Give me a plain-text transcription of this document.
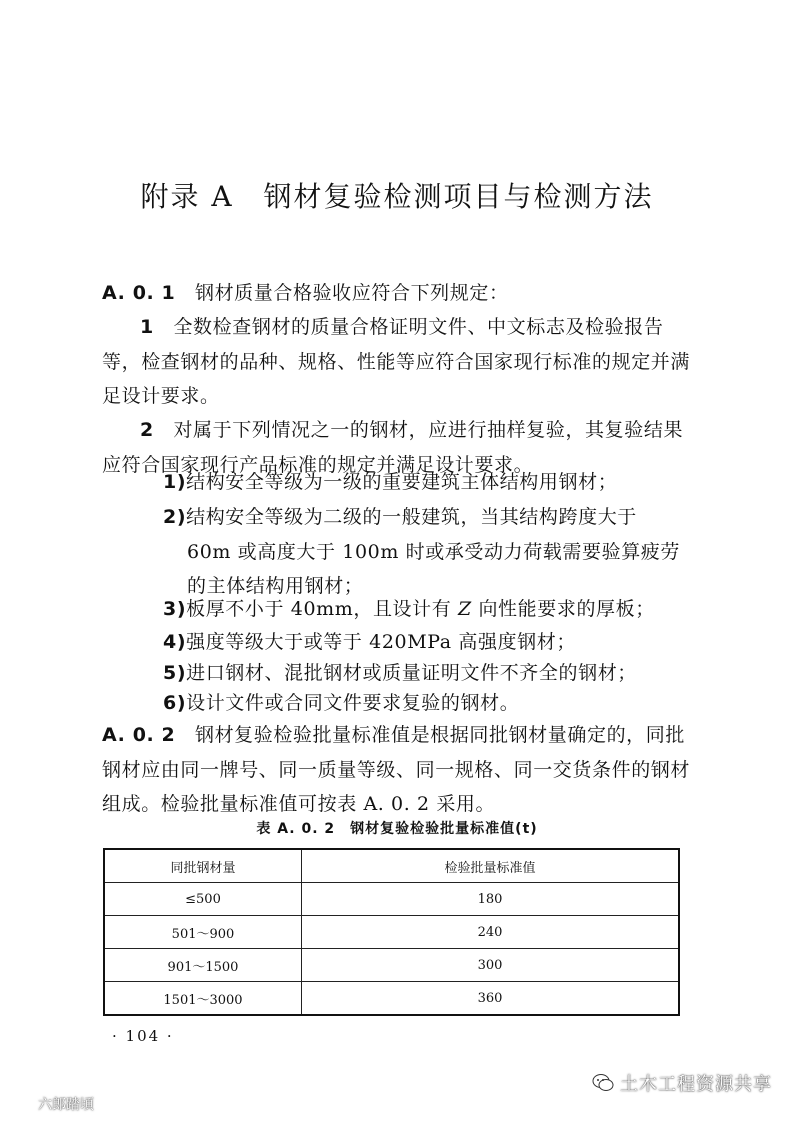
附录 A　钢材复验检测项目与检测方法
A. 0. 1　 钢材质量合格验收应符合下列规定：
1　 全数检查钢材的质量合格证明文件、中文标志及检验报告等，检查钢材的品种、规格、性能等应符合国家现行标准的规定并满足设计要求。
2　 对属于下列情况之一的钢材，应进行抽样复验，其复验结果应符合国家现行产品标准的规定并满足设计要求。
1)结构安全等级为一级的重要建筑主体结构用钢材；
2)结构安全等级为二级的一般建筑，当其结构跨度大于
60m 或高度大于 100m 时或承受动力荷载需要验算疲劳
的主体结构用钢材；
3)板厚不小于 40mm，且设计有 Z 向性能要求的厚板；
4)强度等级大于或等于 420MPa 高强度钢材；
5)进口钢材、混批钢材或质量证明文件不齐全的钢材；
6)设计文件或合同文件要求复验的钢材。
A. 0. 2　 钢材复验检验批量标准值是根据同批钢材量确定的，同批钢材应由同一牌号、同一质量等级、同一规格、同一交货条件的钢材组成。检验批量标准值可按表 A. 0. 2 采用。
表 A. 0. 2　 钢材复验检验批量标准值(t)
同批钢材量	检验批量标准值
≤500	180
501～900	240
901～1500	300
1501～3000	360
· 104 ·
土木工程资源共享
六郎踏頃
